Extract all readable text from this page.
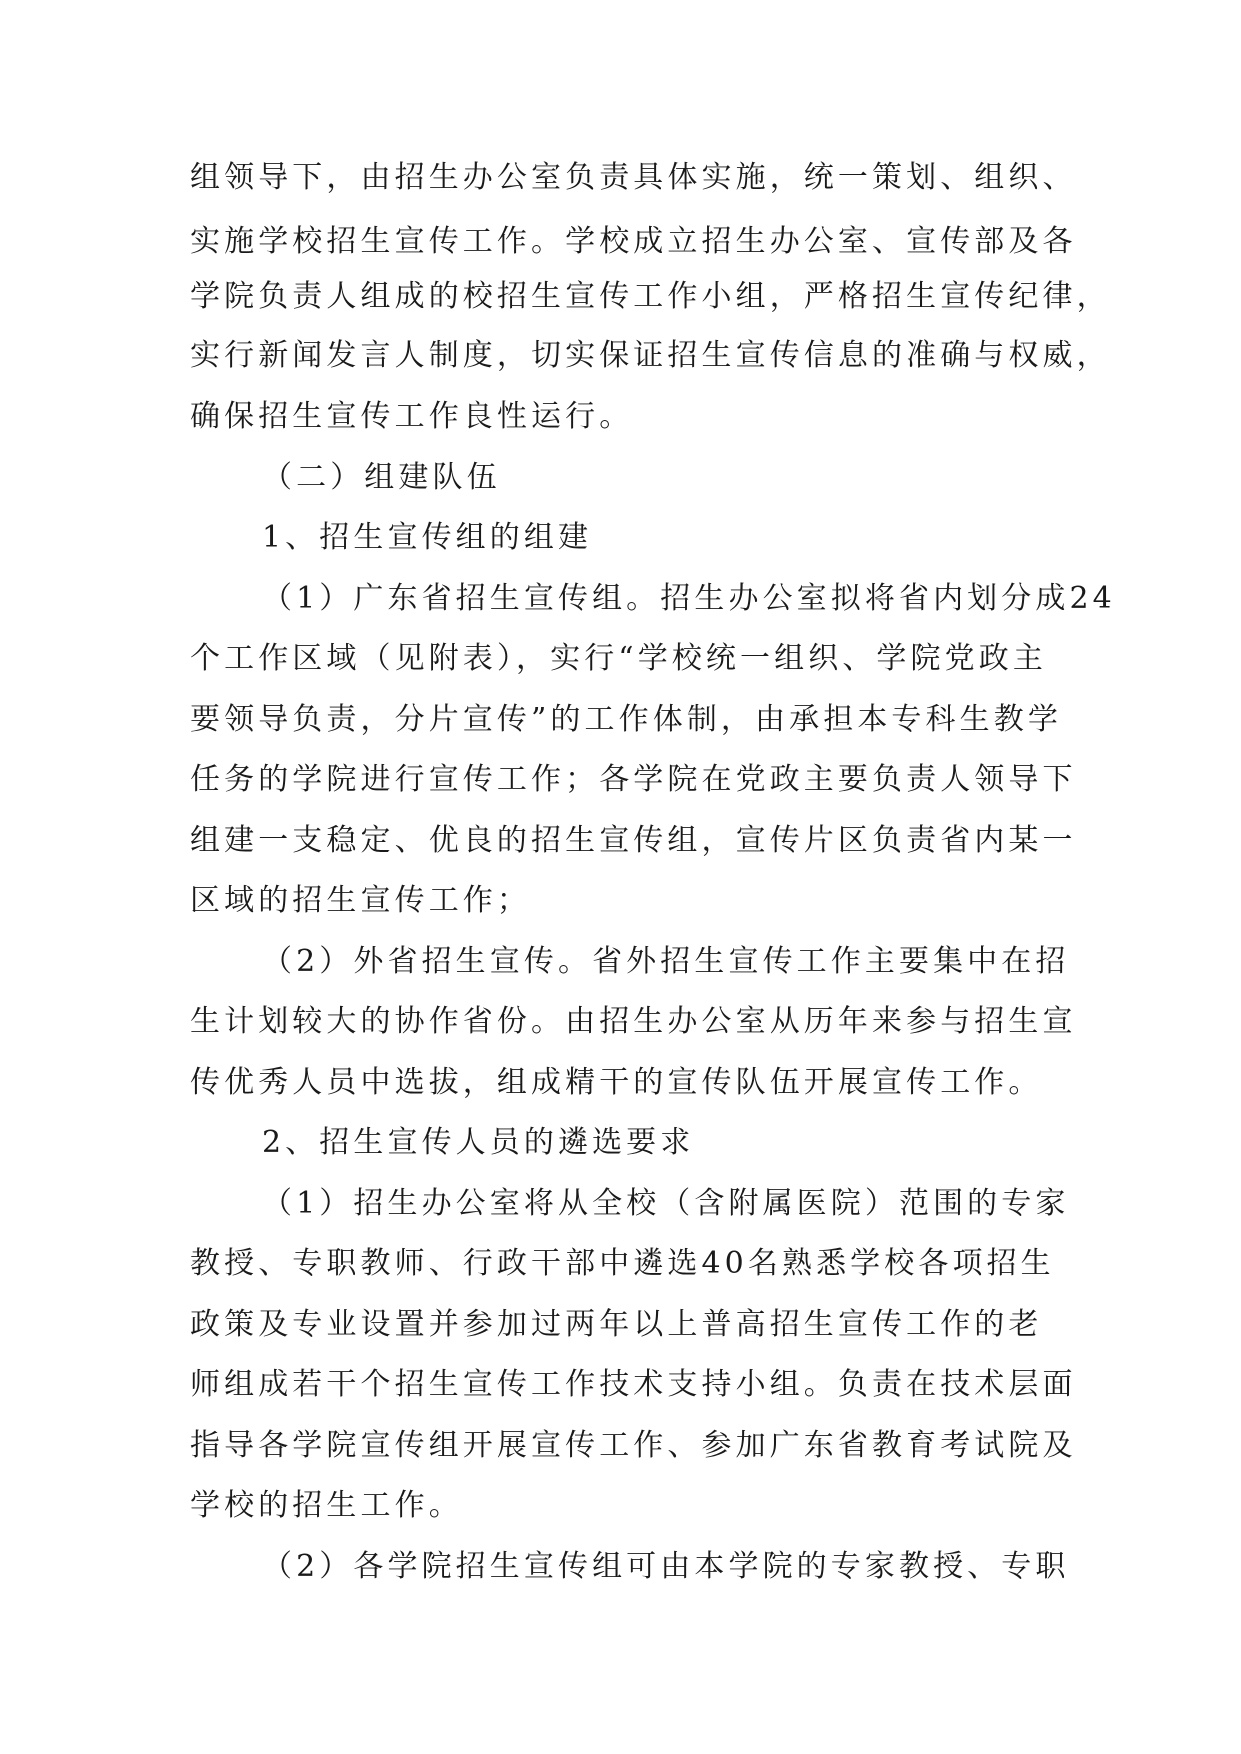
组领导下，由招生办公室负责具体实施，统一策划、组织、
实施学校招生宣传工作。学校成立招生办公室、宣传部及各
学院负责人组成的校招生宣传工作小组，严格招生宣传纪律，
实行新闻发言人制度，切实保证招生宣传信息的准确与权威，
确保招生宣传工作良性运行。
（二）组建队伍
1、招生宣传组的组建
（1）广东省招生宣传组。招生办公室拟将省内划分成24
个工作区域（见附表），实行“学校统一组织、学院党政主
要领导负责，分片宣传”的工作体制，由承担本专科生教学
任务的学院进行宣传工作；各学院在党政主要负责人领导下
组建一支稳定、优良的招生宣传组，宣传片区负责省内某一
区域的招生宣传工作；
（2）外省招生宣传。省外招生宣传工作主要集中在招
生计划较大的协作省份。由招生办公室从历年来参与招生宣
传优秀人员中选拔，组成精干的宣传队伍开展宣传工作。
2、招生宣传人员的遴选要求
（1）招生办公室将从全校（含附属医院）范围的专家
教授、专职教师、行政干部中遴选40名熟悉学校各项招生
政策及专业设置并参加过两年以上普高招生宣传工作的老
师组成若干个招生宣传工作技术支持小组。负责在技术层面
指导各学院宣传组开展宣传工作、参加广东省教育考试院及
学校的招生工作。
（2）各学院招生宣传组可由本学院的专家教授、专职
